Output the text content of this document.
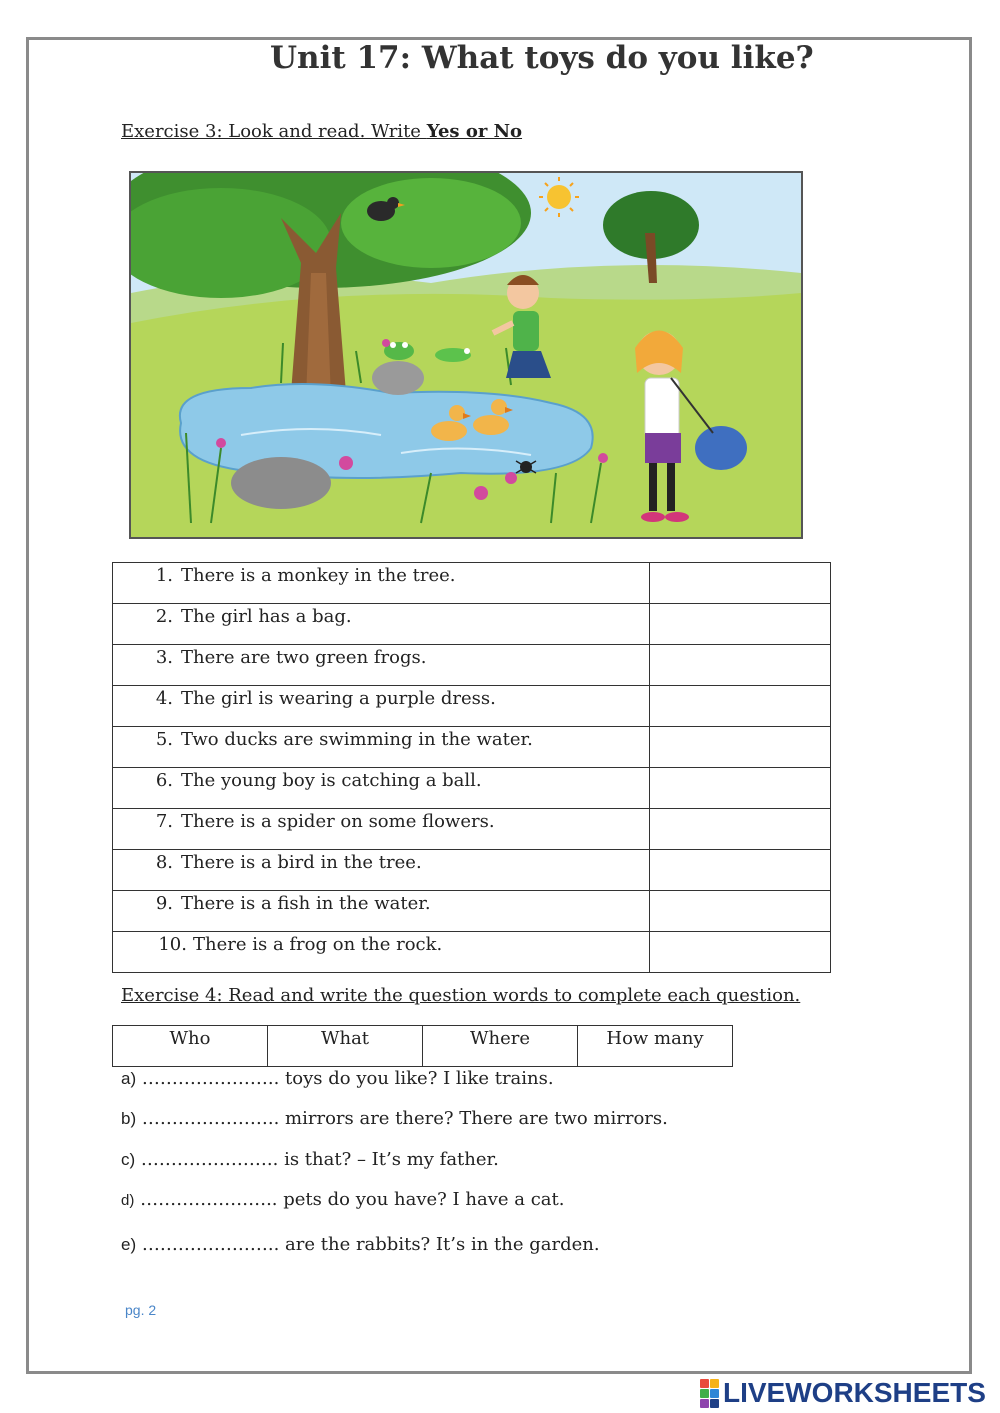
Unit 17: What toys do you like?
Exercise 3: Look and read. Write Yes or No
1. There is a monkey in the tree.	
2. The girl has a bag.	
3. There are two green frogs.	
4. The girl is wearing a purple dress.	
5. Two ducks are swimming in the water.	
6. The young boy is catching a ball.	
7. There is a spider on some flowers.	
8. There is a bird in the tree.	
9. There is a fish in the water.	
10. There is a frog on the rock.	
Exercise 4: Read and write the question words to complete each question.
Who	What	Where	How many
a) ………………….. toys do you like? I like trains.
b) ………………….. mirrors are there? There are two mirrors.
c) ………………….. is that? – It’s my father.
d) ………………….. pets do you have? I have a cat.
e) ………………….. are the rabbits? It’s in the garden.
pg. 2
LIVEWORKSHEETS
